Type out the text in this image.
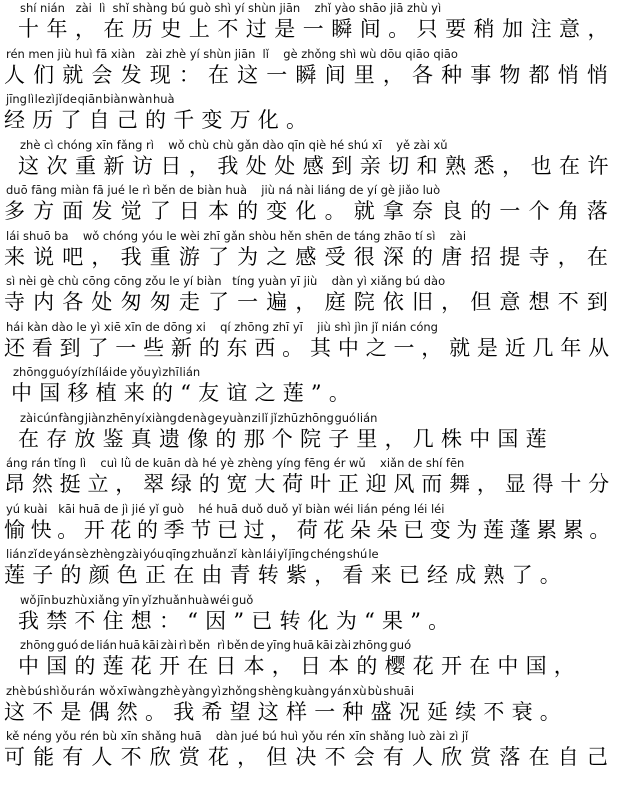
shí nián   zài  lì  shǐ shàng bú guò shì yí shùn jiān    zhǐ yào shāo jiā zhù yì
十年，在历史上不过是一瞬间。只要稍加注意，
rén men jiù huì fā xiàn   zài zhè yí shùn jiān  lǐ    gè zhǒng shì wù dōu qiāo qiāo
人们就会发现：在这一瞬间里，各种事物都悄悄
jīng lì le zì jǐ de qiān biàn wàn huà
经历了自己的千变万化。
zhè cì chóng xīn fǎng rì    wǒ chù chù gǎn dào qīn qiè hé shú xī    yě zài xǔ
这次重新访日，我处处感到亲切和熟悉，也在许
duō fāng miàn fā jué le rì běn de biàn huà    jiù ná nài liáng de yí gè jiǎo luò
多方面发觉了日本的变化。就拿奈良的一个角落
lái shuō ba    wǒ chóng yóu le wèi zhī gǎn shòu hěn shēn de táng zhāo tí sì    zài
来说吧，我重游了为之感受很深的唐招提寺，在
sì nèi gè chù cōng cōng zǒu le yí biàn   tíng yuàn yī jiù    dàn yì xiǎng bú dào
寺内各处匆匆走了一遍，庭院依旧，但意想不到
hái kàn dào le yì xiē xīn de dōng xi    qí zhōng zhī yī    jiù shì jìn jǐ nián cóng
还看到了一些新的东西。其中之一，就是近几年从
zhōng guó yí zhí lái de    yǒu yì zhī lián
中国移植来的“友谊之莲”。
zài cún fàng jiàn zhēn yí xiàng de nà ge yuàn zi lǐ    jǐ zhū zhōng guó lián
在存放鉴真遗像的那个院子里，几株中国莲
áng rán tǐng lì    cuì lǜ de kuān dà hé yè zhèng yíng fēng ér wǔ    xiǎn de shí fēn
昂然挺立，翠绿的宽大荷叶正迎风而舞，显得十分
yú kuài   kāi huā de jì jié yǐ guò    hé huā duǒ duǒ yǐ biàn wéi lián péng léi léi
愉快。开花的季节已过，荷花朵朵已变为莲蓬累累。
lián zǐ de yán sè zhèng zài yóu qīng zhuǎn zǐ    kàn lái yǐ jīng chéng shú le
莲子的颜色正在由青转紫，看来已经成熟了。
wǒ jīn bu zhù xiǎng    yīn   yǐ zhuǎn huà wéi   guǒ
我禁不住想：“因”已转化为“果”。
zhōng guó de lián huā kāi zài rì běn    rì běn de yīng huā kāi zài zhōng guó
中国的莲花开在日本，日本的樱花开在中国，
zhè bú shì ǒu rán    wǒ xī wàng zhè yàng yì zhǒng shèng kuàng yán xù bù shuāi
这不是偶然。我希望这样一种盛况延续不衰。
kě néng yǒu rén bù xīn shǎng huā    dàn jué bú huì yǒu rén xīn shǎng luò zài zì jǐ
可能有人不欣赏花，但决不会有人欣赏落在自己
